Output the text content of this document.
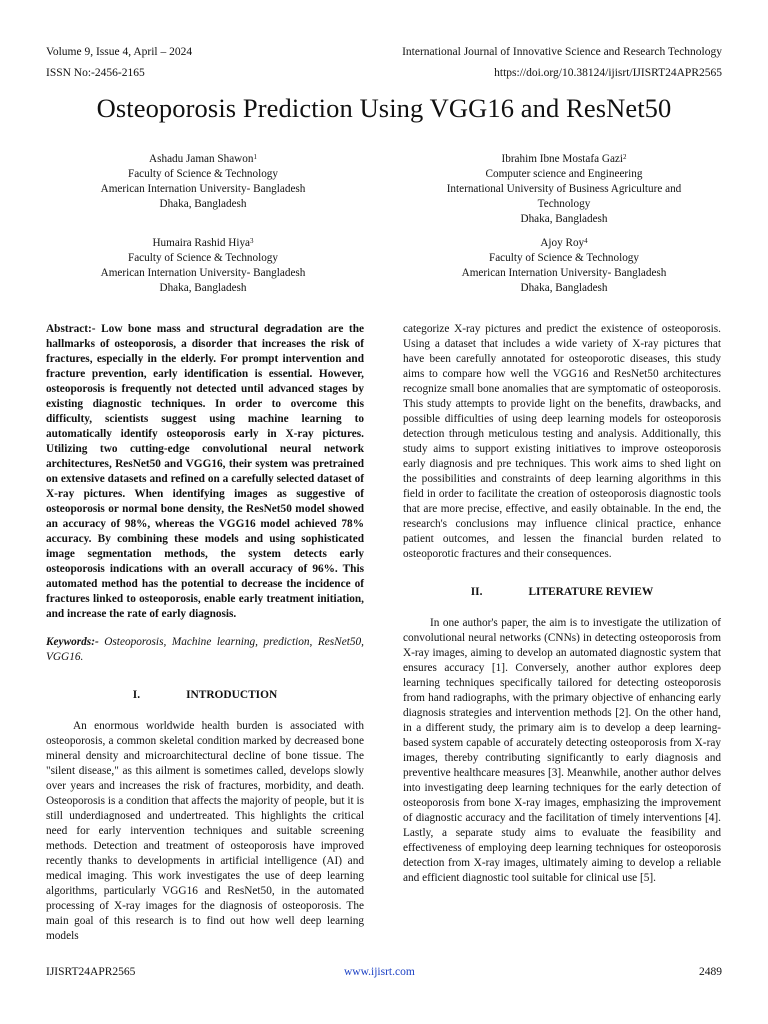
Volume 9, Issue 4, April – 2024	International Journal of Innovative Science and Research Technology
ISSN No:-2456-2165	https://doi.org/10.38124/ijisrt/IJISRT24APR2565
Osteoporosis Prediction Using VGG16 and ResNet50
Ashadu Jaman Shawon$^1$
Faculty of Science & Technology
American Internation University- Bangladesh
Dhaka, Bangladesh
Ibrahim Ibne Mostafa Gazi$^2$
Computer science and Engineering
International University of Business Agriculture and
Technology
Dhaka, Bangladesh
Humaira Rashid Hiya$^3$
Faculty of Science & Technology
American Internation University- Bangladesh
Dhaka, Bangladesh
Ajoy Roy$^4$
Faculty of Science & Technology
American Internation University- Bangladesh
Dhaka, Bangladesh

Abstract:- Low bone mass and structural degradation are the hallmarks of osteoporosis, a disorder that increases the risk of fractures, especially in the elderly. For prompt intervention and fracture prevention, early identification is essential. However, osteoporosis is frequently not detected until advanced stages by existing diagnostic techniques. In order to overcome this difficulty, scientists suggest using machine learning to automatically identify osteoporosis early in X-ray pictures. Utilizing two cutting-edge convolutional neural network architectures, ResNet50 and VGG16, their system was pretrained on extensive datasets and refined on a carefully selected dataset of X-ray pictures. When identifying images as suggestive of osteoporosis or normal bone density, the ResNet50 model showed an accuracy of 98%, whereas the VGG16 model achieved 78% accuracy. By combining these models and using sophisticated image segmentation methods, the system detects early osteoporosis indications with an overall accuracy of 96%. This automated method has the potential to decrease the incidence of fractures linked to osteoporosis, enable early treatment initiation, and increase the rate of early diagnosis.

Keywords:- Osteoporosis, Machine learning, prediction, ResNet50, VGG16.

I.	INTRODUCTION

An enormous worldwide health burden is associated with osteoporosis, a common skeletal condition marked by decreased bone mineral density and microarchitectural decline of bone tissue. The "silent disease," as this ailment is sometimes called, develops slowly over years and increases the risk of fractures, morbidity, and death. Osteoporosis is a condition that affects the majority of people, but it is still underdiagnosed and undertreated. This highlights the critical need for early intervention techniques and suitable screening methods. Detection and treatment of osteoporosis have improved recently thanks to developments in artificial intelligence (AI) and medical imaging. This work investigates the use of deep learning algorithms, particularly VGG16 and ResNet50, in the automated processing of X-ray images for the diagnosis of osteoporosis. The main goal of this research is to find out how well deep learning models

categorize X-ray pictures and predict the existence of osteoporosis. Using a dataset that includes a wide variety of X-ray pictures that have been carefully annotated for osteoporotic diseases, this study aims to compare how well the VGG16 and ResNet50 architectures recognize small bone anomalies that are symptomatic of osteoporosis. This study attempts to provide light on the benefits, drawbacks, and possible difficulties of using deep learning models for osteoporosis detection through meticulous testing and analysis. Additionally, this study aims to support existing initiatives to improve osteoporosis early diagnosis and pre techniques. This work aims to shed light on the possibilities and constraints of deep learning algorithms in this field in order to facilitate the creation of osteoporosis diagnostic tools that are more precise, effective, and easily obtainable. In the end, the research's conclusions may influence clinical practice, enhance patient outcomes, and lessen the financial burden related to osteoporotic fractures and their consequences.

II.	LITERATURE REVIEW

In one author's paper, the aim is to investigate the utilization of convolutional neural networks (CNNs) in detecting osteoporosis from X-ray images, aiming to develop an automated diagnostic system that ensures accuracy [1]. Conversely, another author explores deep learning techniques specifically tailored for detecting osteoporosis from hand radiographs, with the primary objective of enhancing early diagnosis strategies and intervention methods [2]. On the other hand, in a different study, the primary aim is to develop a deep learning-based system capable of accurately detecting osteoporosis from X-ray images, thereby contributing significantly to early diagnosis and preventive healthcare measures [3]. Meanwhile, another author delves into investigating deep learning techniques for the early detection of osteoporosis from bone X-ray images, emphasizing the improvement of diagnostic accuracy and the facilitation of timely interventions [4]. Lastly, a separate study aims to evaluate the feasibility and effectiveness of employing deep learning techniques for osteoporosis detection from X-ray images, ultimately aiming to develop a reliable and efficient diagnostic tool suitable for clinical use [5].

IJISRT24APR2565	www.ijisrt.com	2489
